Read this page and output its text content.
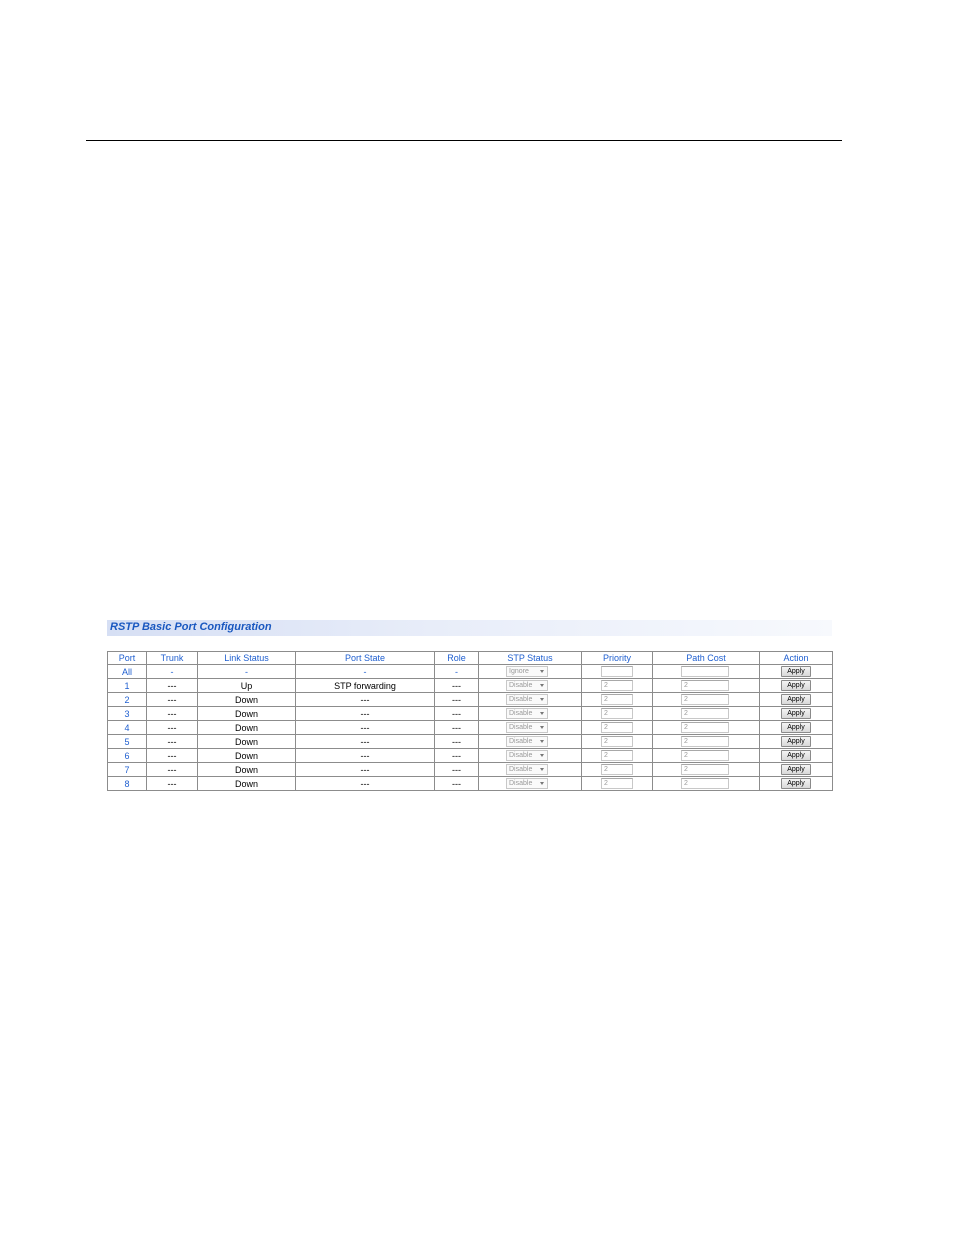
RSTP Basic Port Configuration
Port	Trunk	Link Status	Port State	Role	STP Status	Priority	Path Cost	Action
All	-	-	-	-	Ignore			Apply
1	---	Up	STP forwarding	---	Disable	2	2	Apply
2	---	Down	---	---	Disable	2	2	Apply
3	---	Down	---	---	Disable	2	2	Apply
4	---	Down	---	---	Disable	2	2	Apply
5	---	Down	---	---	Disable	2	2	Apply
6	---	Down	---	---	Disable	2	2	Apply
7	---	Down	---	---	Disable	2	2	Apply
8	---	Down	---	---	Disable	2	2	Apply
